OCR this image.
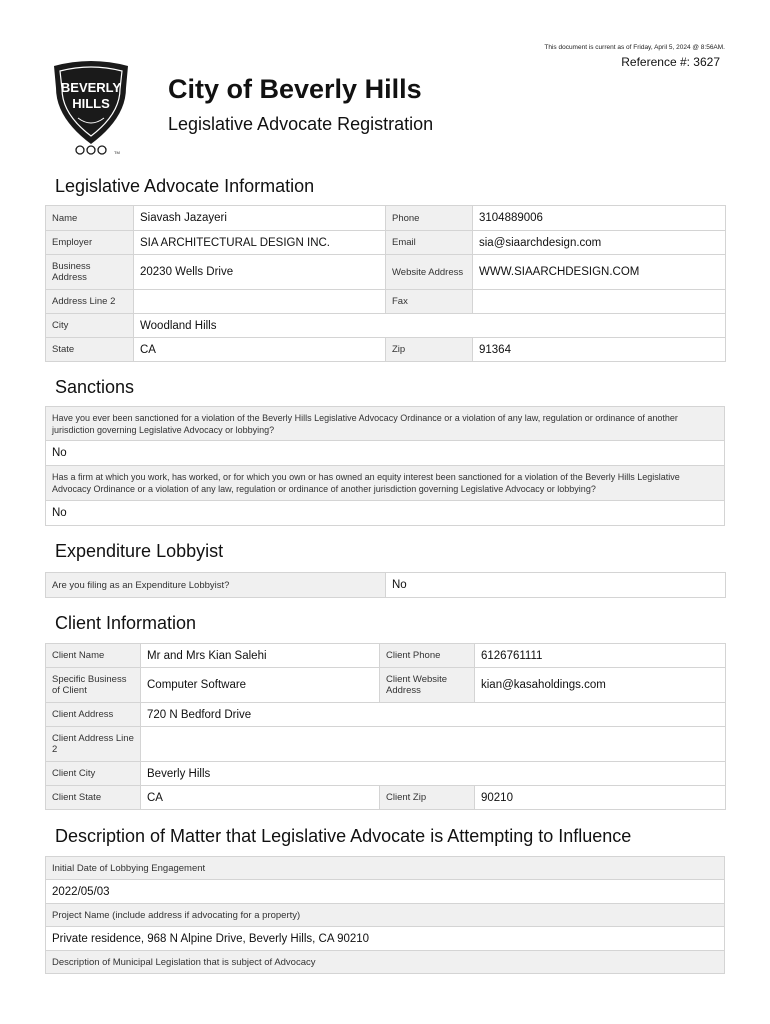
This document is current as of Friday, April 5, 2024 @ 8:56AM.
Reference #: 3627
BEVERLY
HILLS
TM
City of Beverly Hills
Legislative Advocate Registration
Legislative Advocate Information
Name	Siavash Jazayeri	Phone	3104889006
Employer	SIA ARCHITECTURAL DESIGN INC.	Email	sia@siaarchdesign.com
Business Address	20230 Wells Drive	Website Address	WWW.SIAARCHDESIGN.COM
Address Line 2		Fax	
City	Woodland Hills		
State	CA	Zip	91364
Sanctions
Have you ever been sanctioned for a violation of the Beverly Hills Legislative Advocacy Ordinance or a violation of any law, regulation or ordinance of another jurisdiction governing Legislative Advocacy or lobbying?
No
Has a firm at which you work, has worked, or for which you own or has owned an equity interest been sanctioned for a violation of the Beverly Hills Legislative Advocacy Ordinance or a violation of any law, regulation or ordinance of another jurisdiction governing Legislative Advocacy or lobbying?
No
Expenditure Lobbyist
Are you filing as an Expenditure Lobbyist?	No
Client Information
Client Name	Mr and Mrs Kian Salehi	Client Phone	6126761111
Specific Business of Client	Computer Software	Client Website Address	kian@kasaholdings.com
Client Address	720 N Bedford Drive		
Client Address Line 2			
Client City	Beverly Hills		
Client State	CA	Client Zip	90210
Description of Matter that Legislative Advocate is Attempting to Influence
Initial Date of Lobbying Engagement
2022/05/03
Project Name (include address if advocating for a property)
Private residence, 968 N Alpine Drive, Beverly Hills, CA 90210
Description of Municipal Legislation that is subject of Advocacy
